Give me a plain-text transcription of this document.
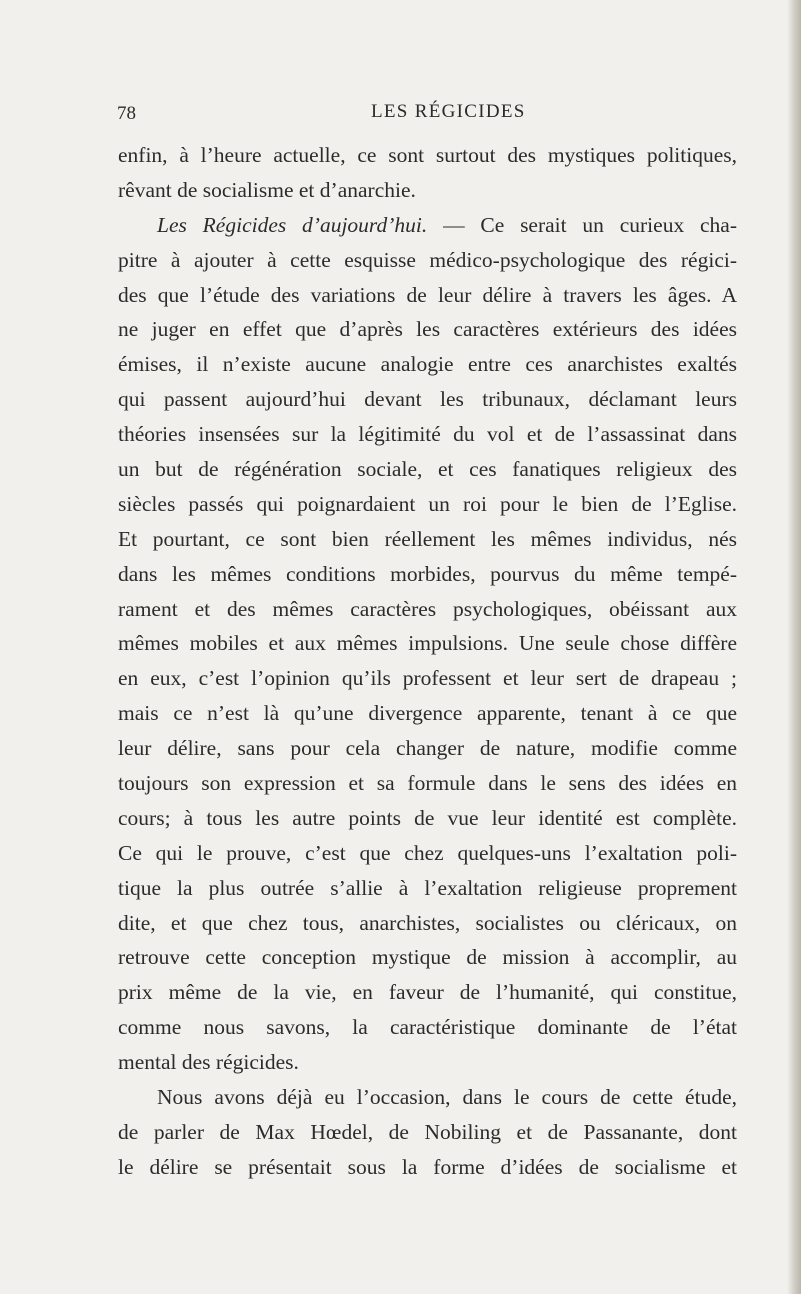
78	LES RÉGICIDES
enfin, à l’heure actuelle, ce sont surtout des mystiques politiques,
rêvant de socialisme et d’anarchie.
Les Régicides d’aujourd’hui. — Ce serait un curieux cha-
pitre à ajouter à cette esquisse médico-psychologique des régici-
des que l’étude des variations de leur délire à travers les âges. A
ne juger en effet que d’après les caractères extérieurs des idées
émises, il n’existe aucune analogie entre ces anarchistes exaltés
qui passent aujourd’hui devant les tribunaux, déclamant leurs
théories insensées sur la légitimité du vol et de l’assassinat dans
un but de régénération sociale, et ces fanatiques religieux des
siècles passés qui poignardaient un roi pour le bien de l’Eglise.
Et pourtant, ce sont bien réellement les mêmes individus, nés
dans les mêmes conditions morbides, pourvus du même tempé-
rament et des mêmes caractères psychologiques, obéissant aux
mêmes mobiles et aux mêmes impulsions. Une seule chose diffère
en eux, c’est l’opinion qu’ils professent et leur sert de drapeau ;
mais ce n’est là qu’une divergence apparente, tenant à ce que
leur délire, sans pour cela changer de nature, modifie comme
toujours son expression et sa formule dans le sens des idées en
cours; à tous les autre points de vue leur identité est complète.
Ce qui le prouve, c’est que chez quelques-uns l’exaltation poli-
tique la plus outrée s’allie à l’exaltation religieuse proprement
dite, et que chez tous, anarchistes, socialistes ou cléricaux, on
retrouve cette conception mystique de mission à accomplir, au
prix même de la vie, en faveur de l’humanité, qui constitue,
comme nous savons, la caractéristique dominante de l’état
mental des régicides.
Nous avons déjà eu l’occasion, dans le cours de cette étude,
de parler de Max Hœdel, de Nobiling et de Passanante, dont
le délire se présentait sous la forme d’idées de socialisme et
